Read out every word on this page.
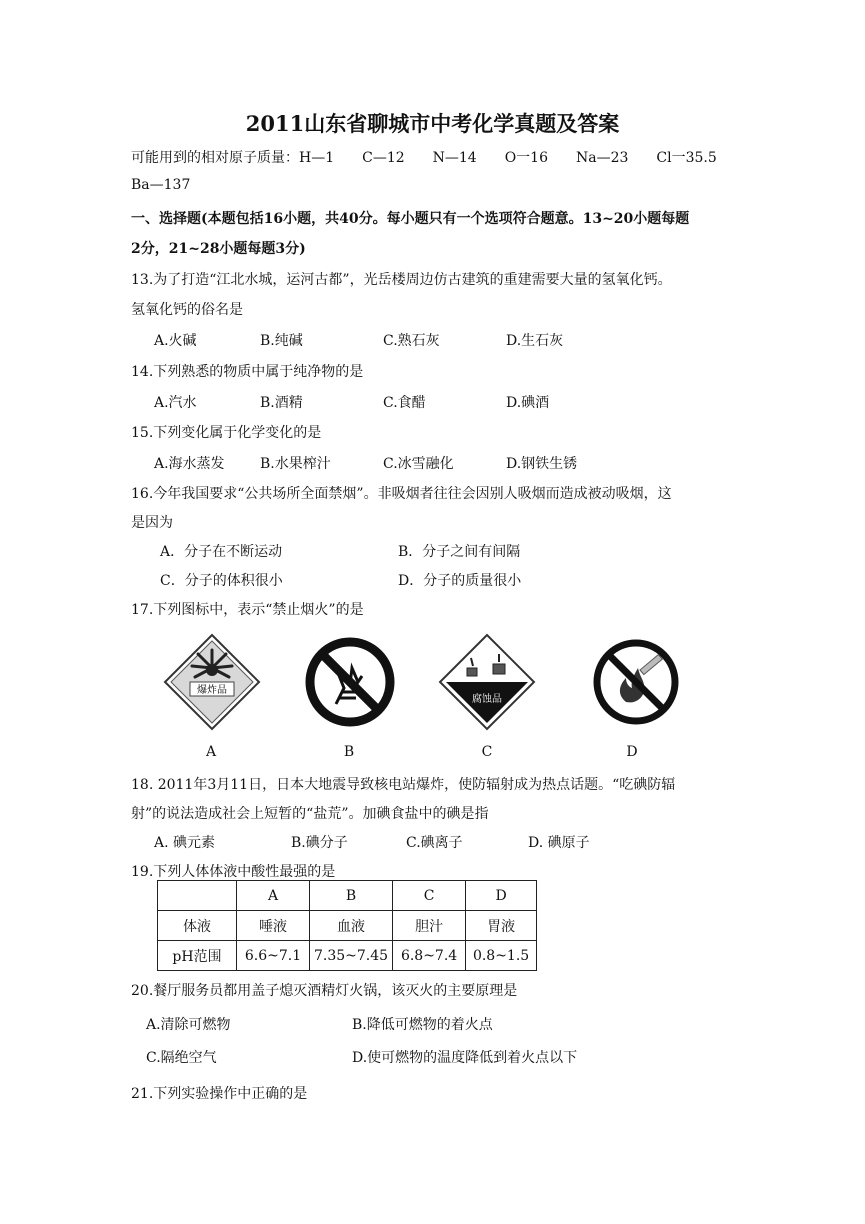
2011山东省聊城市中考化学真题及答案
可能用到的相对原子质量：H—1　　C—12　　N—14　　O一16　　Na—23　　Cl一35.5
Ba—137
一、选择题(本题包括16小题，共40分。每小题只有一个选项符合题意。13~20小题每题
2分，21~28小题每题3分)
13.为了打造“江北水城，运河古都”，光岳楼周边仿古建筑的重建需要大量的氢氧化钙。
氢氧化钙的俗名是
A.火碱	B.纯碱	C.熟石灰	D.生石灰
14.下列熟悉的物质中属于纯净物的是
A.汽水	B.酒精	C.食醋	D.碘酒
15.下列变化属于化学变化的是
A.海水蒸发	B.水果榨汁	C.冰雪融化	D.钢铁生锈
16.今年我国要求“公共场所全面禁烟”。非吸烟者往往会因别人吸烟而造成被动吸烟，这
是因为
A．分子在不断运动	B．分子之间有间隔
C．分子的体积很小	D．分子的质量很小
17.下列图标中，表示“禁止烟火”的是
爆炸品
腐蚀品
A	B	C	D
18. 2011年3月11日，日本大地震导致核电站爆炸，使防辐射成为热点话题。“吃碘防辐
射”的说法造成社会上短暂的“盐荒”。加碘食盐中的碘是指
A. 碘元素	B.碘分子	C.碘离子	D. 碘原子
19.下列人体体液中酸性最强的是
	A	B	C	D
体液	唾液	血液	胆汁	胃液
pH范围	6.6~7.1	7.35~7.45	6.8~7.4	0.8~1.5
20.餐厅服务员都用盖子熄灭酒精灯火锅，该灭火的主要原理是
A.清除可燃物	B.降低可燃物的着火点
C.隔绝空气	D.使可燃物的温度降低到着火点以下
21.下列实验操作中正确的是
